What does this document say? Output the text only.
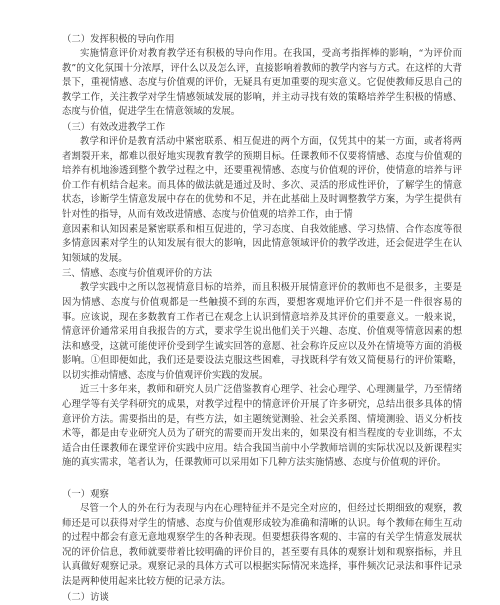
（二）发挥积极的导向作用

实施情意评价对教育教学还有积极的导向作用。在我国，受高考指挥棒的影响，“为评价而教”的文化氛围十分浓厚，评什么以及怎么评，直接影响着教师的教学内容与方式。在这样的大背景下，重视情感、态度与价值观的评价，无疑具有更加重要的现实意义。它促使教师反思自己的教学工作，关注教学对学生情感领域发展的影响，并主动寻找有效的策略培养学生积极的情感、态度与价值，促进学生在情意领域的发展。

（三）有效改进教学工作

教学和评价是教育活动中紧密联系、相互促进的两个方面，仅凭其中的某一方面，或者将两者割裂开来，都难以很好地实现教育教学的预期目标。任课教师不仅要将情感、态度与价值观的培养有机地渗透到整个教学过程之中，还要重视情感、态度与价值观的评价，使情意的培养与评价工作有机结合起来。而具体的做法就是通过及时、多次、灵活的形成性评价，了解学生的情意状态，诊断学生情意发展中存在的优势和不足，并在此基础上及时调整教学方案，为学生提供有针对性的指导，从而有效改进情感、态度与价值观的培养工作，由于情

意因素和认知因素是紧密联系和相互促进的，学习态度、自我效能感、学习热情、合作态度等很多情意因素对学生的认知发展有很大的影响，因此情意领域评价的教学改进，还会促进学生在认知领域的发展。

三、情感、态度与价值观评价的方法

教学实践中之所以忽视情意目标的培养，而且积极开展情意评价的教师也不是很多，主要是因为情感、态度与价值观都是一些触摸不到的东西，要想客观地评价它们并不是一件很容易的事。应该说，现在多数教育工作者已在观念上认识到情意培养及其评价的重要意义。一般来说，情意评价通常采用自我报告的方式，要求学生说出他们关于兴趣、态度、价值观等情意因素的想法和感受，这就可能使评价受到学生诚实回答的意愿、社会称许反应以及外在情境等方面的消极影响。①但即便如此，我们还是要设法克服这些困难，寻找既科学有效又简便易行的评价策略，以切实推动情感、态度与价值观评价实践的发展。

近三十多年来，教师和研究人员广泛借鉴教育心理学、社会心理学、心理测量学，乃至情绪心理学等有关学科研究的成果，对教学过程中的情意评价开展了许多研究，总结出很多具体的情意评价方法。需要指出的是，有些方法，如主题统觉测验、社会关系图、情境测验、语义分析技术等，都是由专业研究人员为了研究的需要而开发出来的，如果没有相当程度的专业训练，不太适合由任课教师在课堂评价实践中应用。结合我国当前中小学教师培训的实际状况以及新课程实施的真实需求，笔者认为，任课教师可以采用如下几种方法实施情感、态度与价值观的评价。

（一）观察

尽管一个人的外在行为表现与内在心理特征并不是完全对应的，但经过长期细致的观察，教师还是可以获得对学生的情感、态度与价值观形成较为准确和清晰的认识。每个教师在师生互动的过程中都会有意无意地观察学生的各种表现。但要想获得客观的、丰富的有关学生情意发展状况的评价信息，教师就要带着比较明确的评价目的，甚至要有具体的观察计划和观察指标，并且认真做好观察记录。观察记录的具体方式可以根据实际情况来选择，事件频次记录法和事件记录法是两种使用起来比较方便的记录方法。

（二）访谈
